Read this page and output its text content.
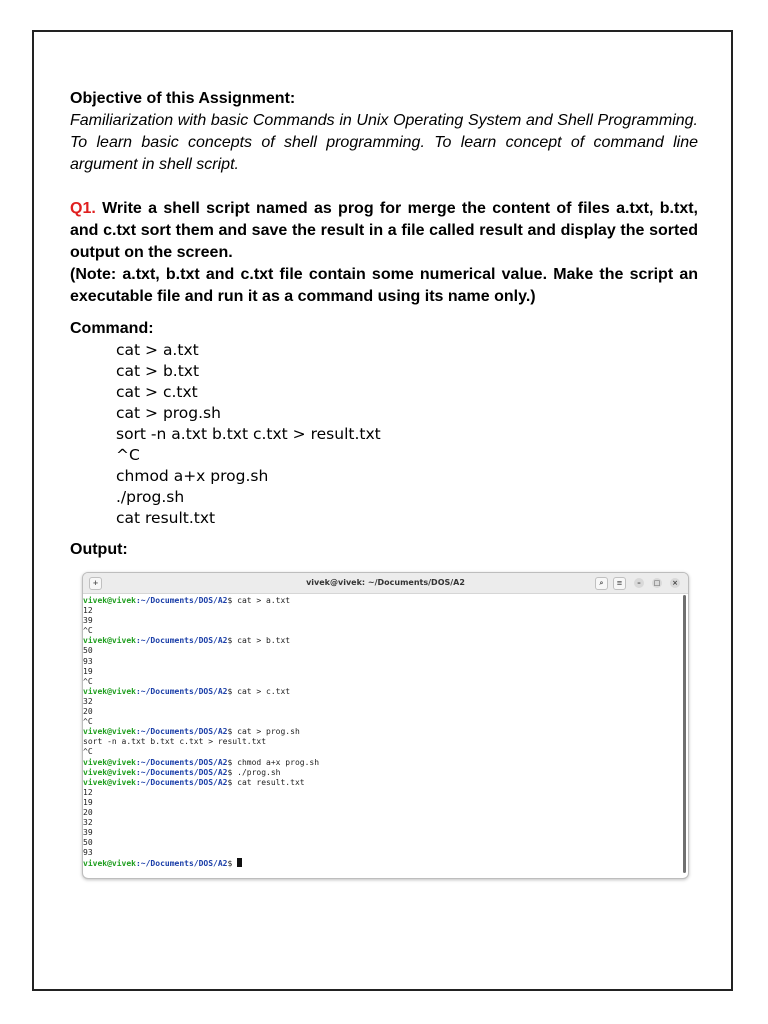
Objective of this Assignment:
Familiarization with basic Commands in Unix Operating System and Shell Programming. To learn basic concepts of shell programming. To learn concept of command line argument in shell script.
Q1. Write a shell script named as prog for merge the content of files a.txt, b.txt, and c.txt sort them and save the result in a file called result and display the sorted output on the screen.
(Note: a.txt, b.txt and c.txt file contain some numerical value. Make the script an executable file and run it as a command using its name only.)
Command:
cat > a.txt
cat > b.txt
cat > c.txt
cat > prog.sh
sort -n a.txt b.txt c.txt > result.txt
^C
chmod a+x prog.sh
./prog.sh
cat result.txt
Output:
+	vivek@vivek: ~/Documents/DOS/A2	⌕	≡	–	□ ×
vivek@vivek:~/Documents/DOS/A2$ cat > a.txt
12
39
^C
vivek@vivek:~/Documents/DOS/A2$ cat > b.txt
50
93
19
^C
vivek@vivek:~/Documents/DOS/A2$ cat > c.txt
32
20
^C
vivek@vivek:~/Documents/DOS/A2$ cat > prog.sh
sort -n a.txt b.txt c.txt > result.txt
^C
vivek@vivek:~/Documents/DOS/A2$ chmod a+x prog.sh
vivek@vivek:~/Documents/DOS/A2$ ./prog.sh
vivek@vivek:~/Documents/DOS/A2$ cat result.txt
12
19
20
32
39
50
93
vivek@vivek:~/Documents/DOS/A2$
